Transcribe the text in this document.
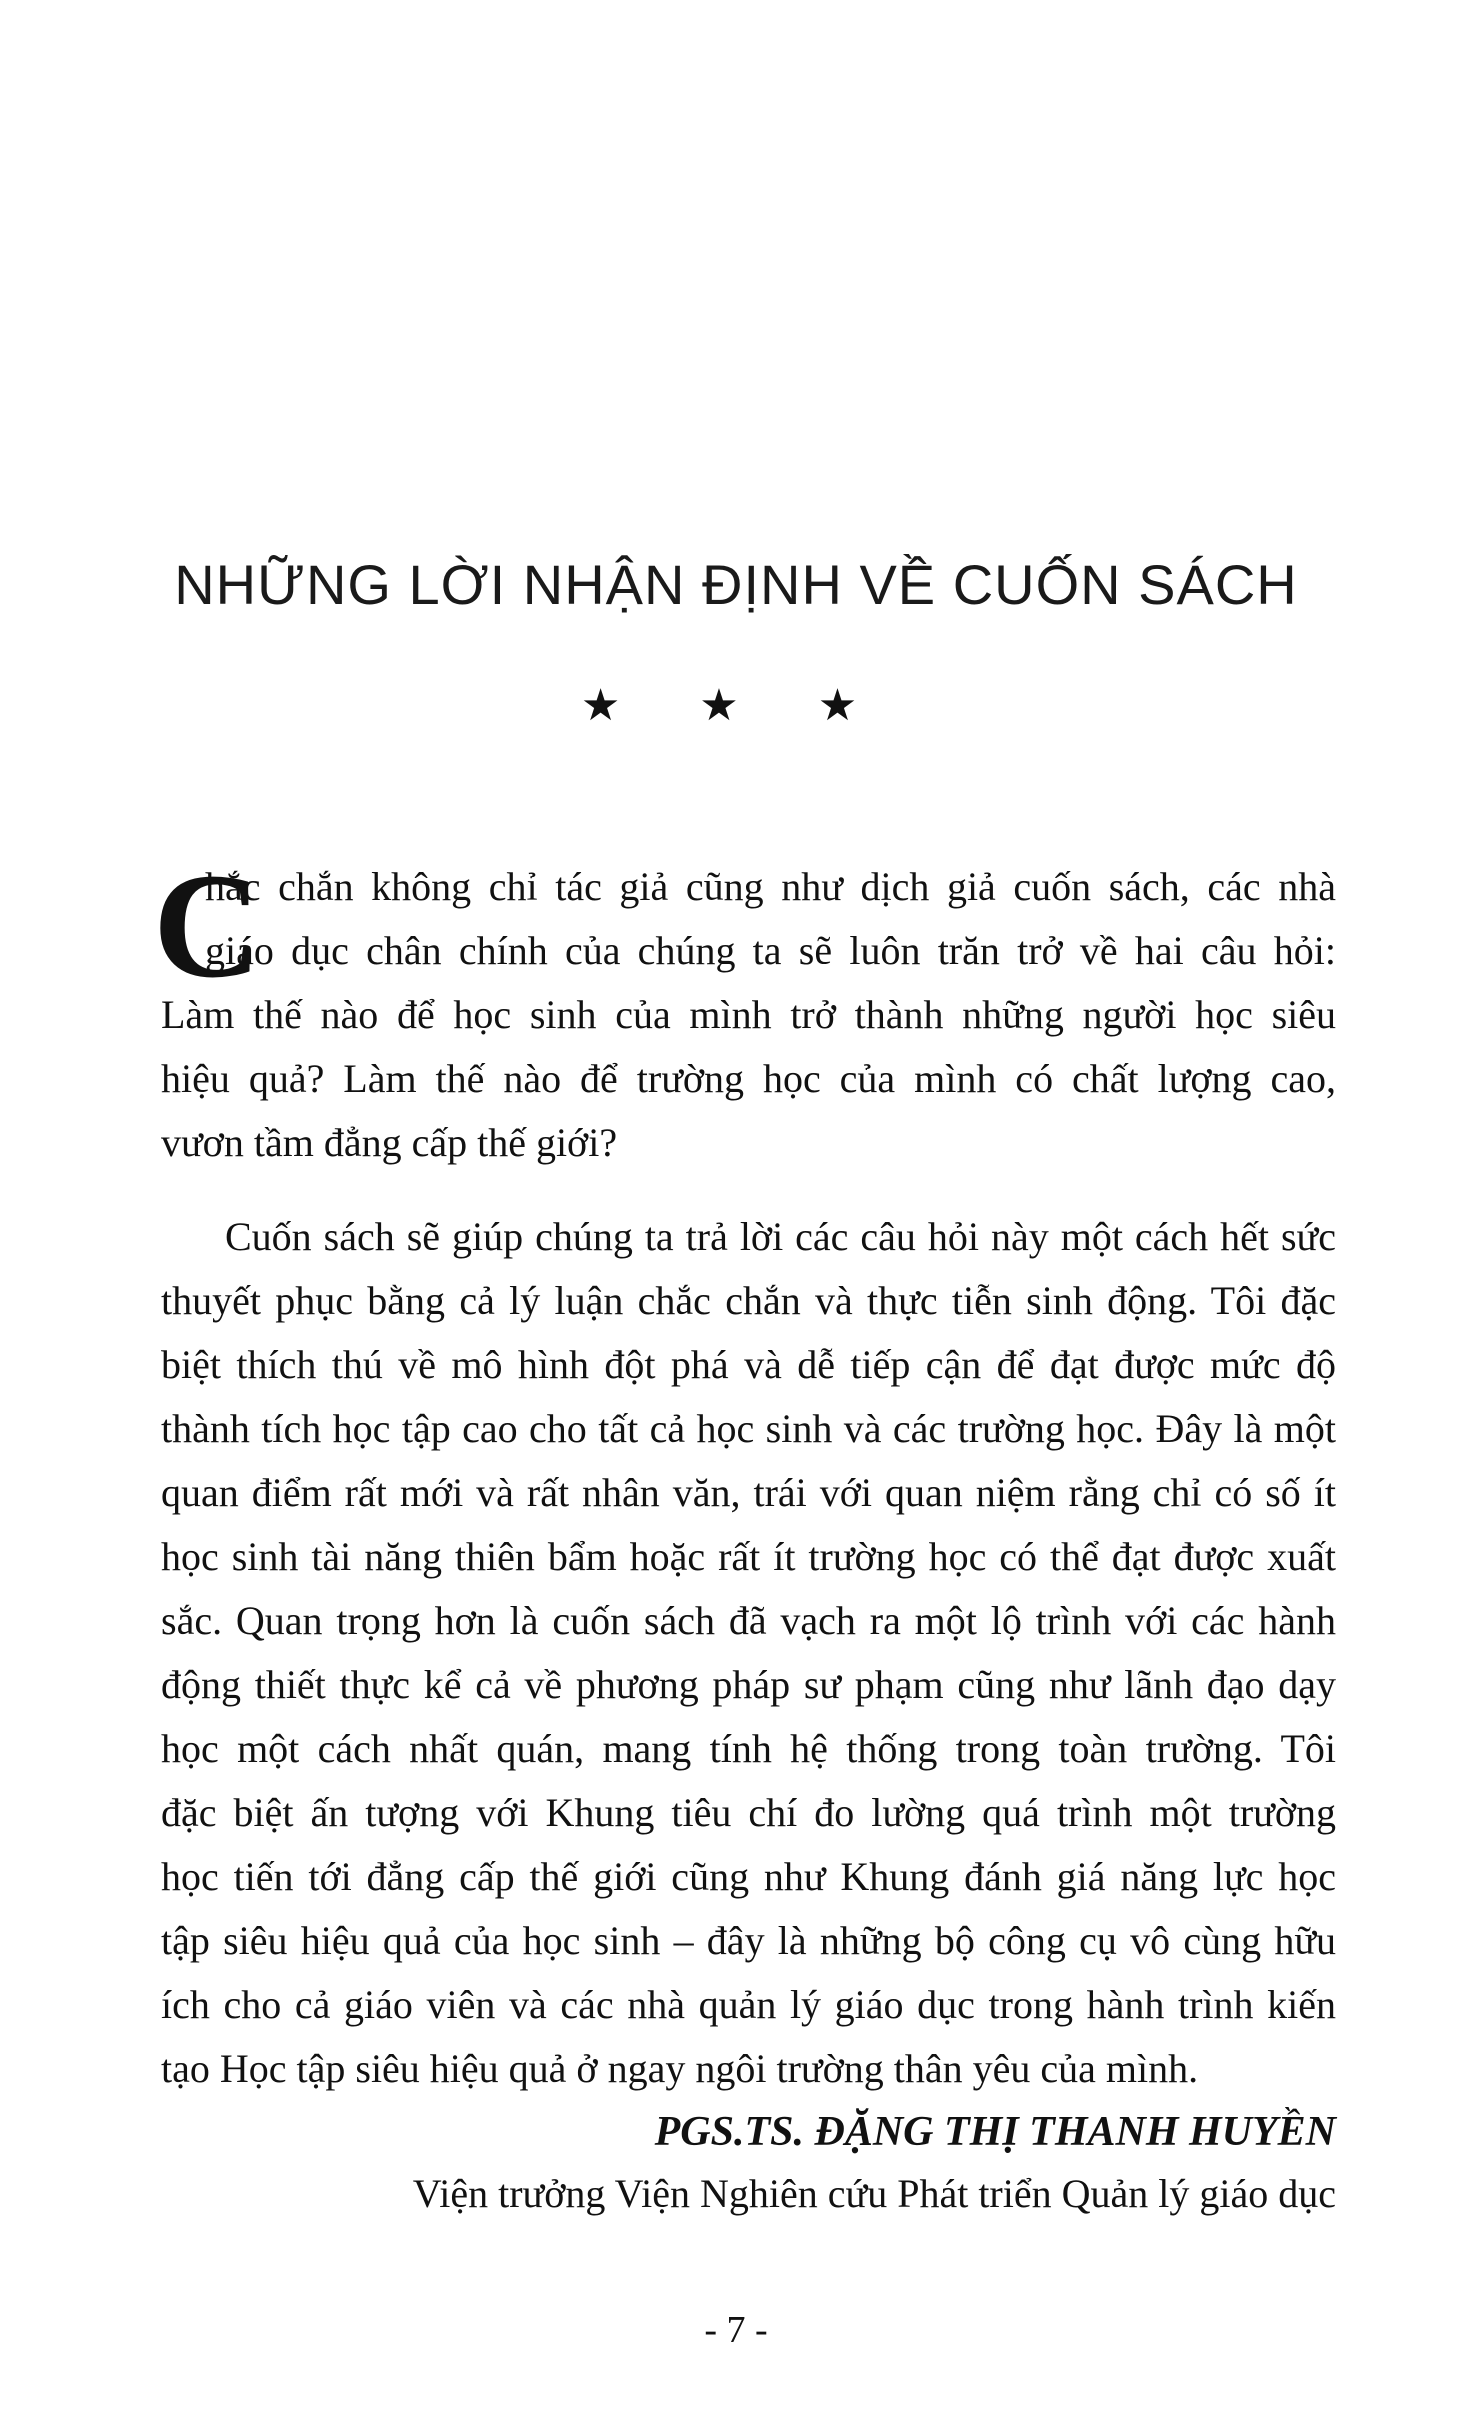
NHỮNG LỜI NHẬN ĐỊNH VỀ CUỐN SÁCH
★ ★ ★
C
hắc chắn không chỉ tác giả cũng như dịch giả cuốn sách, các nhà
giáo dục chân chính của chúng ta sẽ luôn trăn trở về hai câu hỏi:
Làm thế nào để học sinh của mình trở thành những người học siêu
hiệu quả? Làm thế nào để trường học của mình có chất lượng cao,
vươn tầm đẳng cấp thế giới?
Cuốn sách sẽ giúp chúng ta trả lời các câu hỏi này một cách hết sức
thuyết phục bằng cả lý luận chắc chắn và thực tiễn sinh động. Tôi đặc
biệt thích thú về mô hình đột phá và dễ tiếp cận để đạt được mức độ
thành tích học tập cao cho tất cả học sinh và các trường học. Đây là một
quan điểm rất mới và rất nhân văn, trái với quan niệm rằng chỉ có số ít
học sinh tài năng thiên bẩm hoặc rất ít trường học có thể đạt được xuất
sắc. Quan trọng hơn là cuốn sách đã vạch ra một lộ trình với các hành
động thiết thực kể cả về phương pháp sư phạm cũng như lãnh đạo dạy
học một cách nhất quán, mang tính hệ thống trong toàn trường. Tôi
đặc biệt ấn tượng với Khung tiêu chí đo lường quá trình một trường
học tiến tới đẳng cấp thế giới cũng như Khung đánh giá năng lực học
tập siêu hiệu quả của học sinh – đây là những bộ công cụ vô cùng hữu
ích cho cả giáo viên và các nhà quản lý giáo dục trong hành trình kiến
tạo Học tập siêu hiệu quả ở ngay ngôi trường thân yêu của mình.
PGS.TS. ĐẶNG THỊ THANH HUYỀN
Viện trưởng Viện Nghiên cứu Phát triển Quản lý giáo dục
- 7 -
